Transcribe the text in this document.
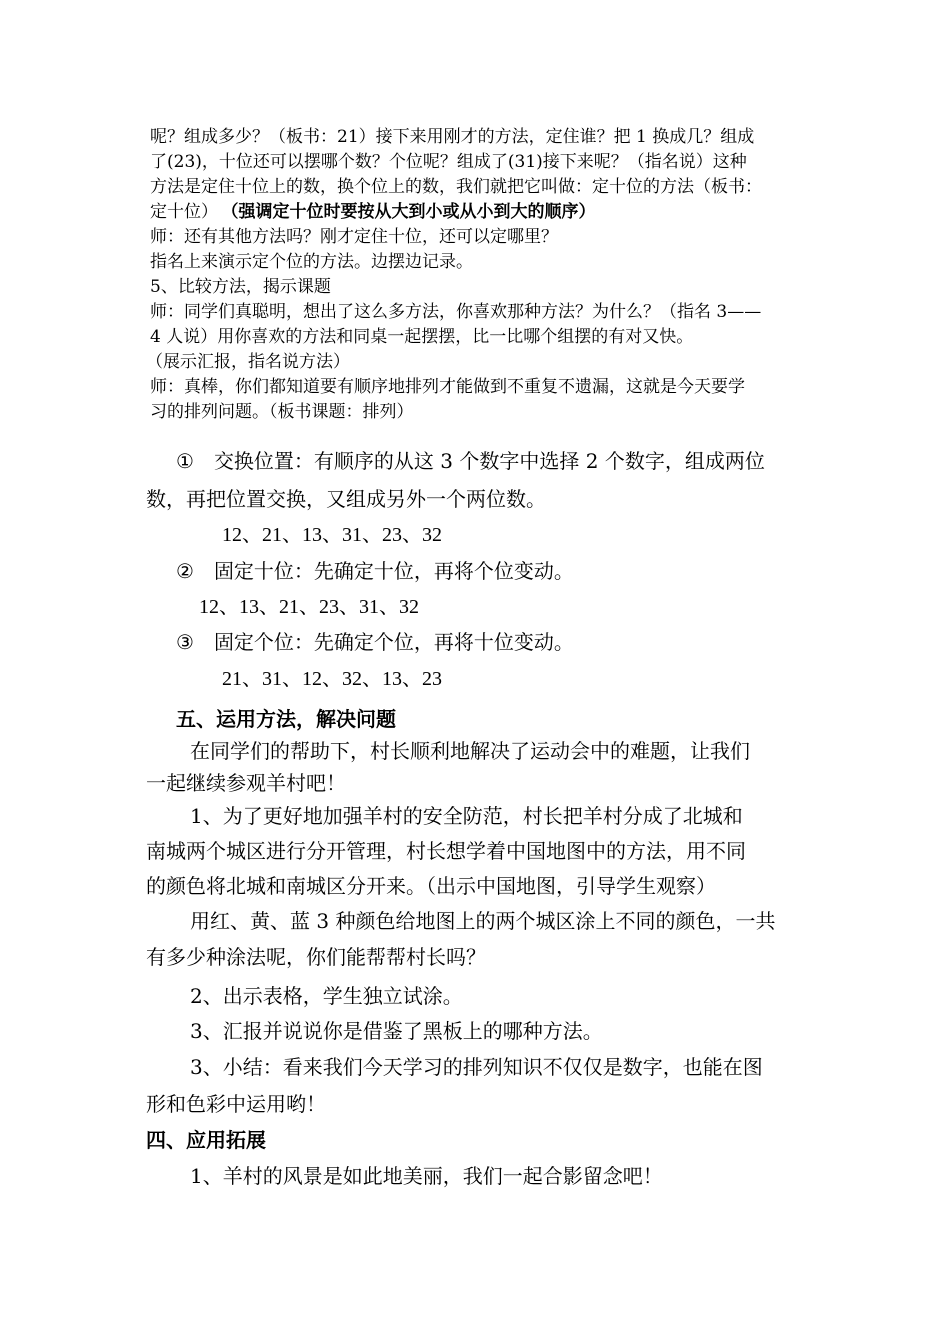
呢？组成多少？（板书：21）接下来用刚才的方法，定住谁？把 1 换成几？组成
了(23)，十位还可以摆哪个数？个位呢？组成了(31)接下来呢？（指名说）这种
方法是定住十位上的数，换个位上的数，我们就把它叫做：定十位的方法（板书：
定十位） （强调定十位时要按从大到小或从小到大的顺序）
师：还有其他方法吗？刚才定住十位，还可以定哪里？
指名上来演示定个位的方法。边摆边记录。
5、比较方法，揭示课题
师：同学们真聪明，想出了这么多方法，你喜欢那种方法？为什么？（指名 3——
4 人说）用你喜欢的方法和同桌一起摆摆，比一比哪个组摆的有对又快。
（展示汇报，指名说方法）
师：真棒，你们都知道要有顺序地排列才能做到不重复不遗漏，这就是今天要学
习的排列问题。（板书课题：排列）
① 交换位置：有顺序的从这 3 个数字中选择 2 个数字，组成两位
数，再把位置交换，又组成另外一个两位数。
12、21、13、31、23、32
② 固定十位：先确定十位，再将个位变动。
12、13、21、23、31、32
③ 固定个位：先确定个位，再将十位变动。
21、31、12、32、13、23
五、运用方法，解决问题
在同学们的帮助下，村长顺利地解决了运动会中的难题，让我们
一起继续参观羊村吧！
1、为了更好地加强羊村的安全防范，村长把羊村分成了北城和
南城两个城区进行分开管理，村长想学着中国地图中的方法，用不同
的颜色将北城和南城区分开来。（出示中国地图，引导学生观察）
用红、黄、蓝 3 种颜色给地图上的两个城区涂上不同的颜色，一共
有多少种涂法呢，你们能帮帮村长吗？
2、出示表格，学生独立试涂。
3、汇报并说说你是借鉴了黑板上的哪种方法。
3、小结：看来我们今天学习的排列知识不仅仅是数字，也能在图
形和色彩中运用哟！
四、应用拓展
1、羊村的风景是如此地美丽，我们一起合影留念吧！
